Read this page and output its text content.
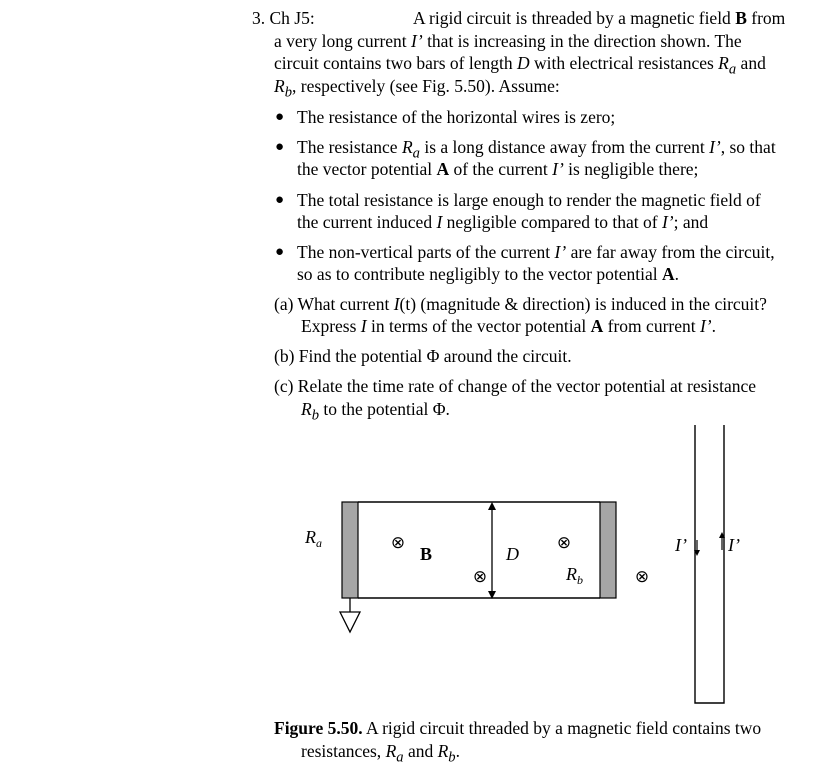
3. Ch J5:	A rigid circuit is threaded by a magnetic field B from
a very long current I’ that is increasing in the direction shown. The
circuit contains two bars of length D with electrical resistances $R_a$ and
$R_b$, respectively (see Fig. 5.50). Assume:
● The resistance of the horizontal wires is zero;
● The resistance $R_a$ is a long distance away from the current I’, so that
the vector potential A of the current I’ is negligible there;
● The total resistance is large enough to render the magnetic field of
the current induced I negligible compared to that of I’; and
● The non-vertical parts of the current I’ are far away from the circuit,
so as to contribute negligibly to the vector potential A.
(a) What current I(t) (magnitude & direction) is induced in the circuit?
Express I in terms of the vector potential A from current I’.
(b) Find the potential Φ around the circuit.
(c) Relate the time rate of change of the vector potential at resistance
$R_b$ to the potential Φ.
⊗
⊗
⊗
⊗
$R_a$
B	D
$R_b$
I’ I’
Figure 5.50. A rigid circuit threaded by a magnetic field contains two
resistances, $R_a$ and $R_b$.
